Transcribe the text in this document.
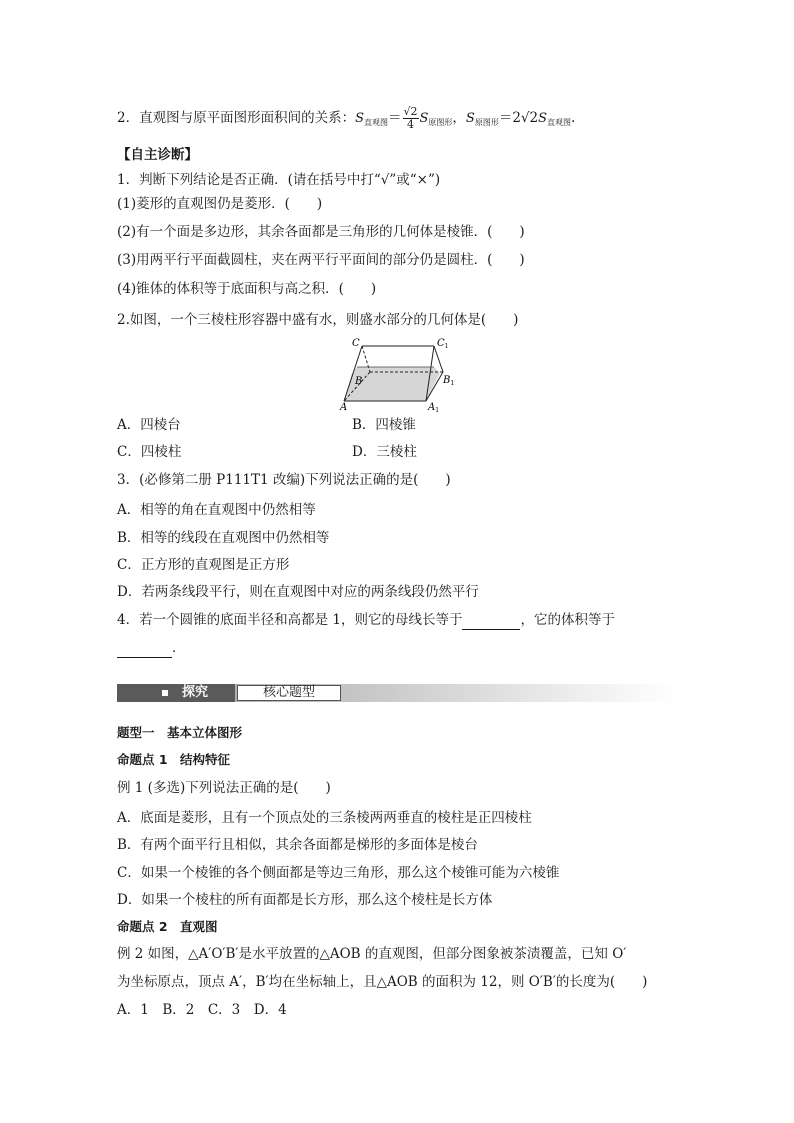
2．直观图与原平面图形面积间的关系：$S_{直观图}= \frac{√2}{4} S_{原图形}$，$S_{原图形}=2√2S_{直观图}$.
【自主诊断】
1．判断下列结论是否正确．(请在括号中打“√”或“×”)
(1)菱形的直观图仍是菱形．(　　)
(2)有一个面是多边形，其余各面都是三角形的几何体是棱锥．(　　)
(3)用两平行平面截圆柱，夹在两平行平面间的部分仍是圆柱．(　　)
(4)锥体的体积等于底面积与高之积．(　　)
2.如图，一个三棱柱形容器中盛有水，则盛水部分的几何体是(　　)
C	$C_1$
B	$B_1$
A	$A_1$
A．四棱台	B．四棱锥
C．四棱柱	D．三棱柱
3．(必修第二册 P111T1 改编)下列说法正确的是(　　)
A．相等的角在直观图中仍然相等
B．相等的线段在直观图中仍然相等
C．正方形的直观图是正方形
D．若两条线段平行，则在直观图中对应的两条线段仍然平行
4．若一个圆锥的底面半径和高都是 1，则它的母线长等于	，它的体积等于
．
探究	核心题型
题型一　基本立体图形
命题点 1　结构特征
例 1 (多选)下列说法正确的是(　　)
A．底面是菱形，且有一个顶点处的三条棱两两垂直的棱柱是正四棱柱
B．有两个面平行且相似，其余各面都是梯形的多面体是棱台
C．如果一个棱锥的各个侧面都是等边三角形，那么这个棱锥可能为六棱锥
D．如果一个棱柱的所有面都是长方形，那么这个棱柱是长方体
命题点 2　直观图
例 2 如图，△A′O′B′是水平放置的△AOB 的直观图，但部分图象被茶渍覆盖，已知 O′
为坐标原点，顶点 A′，B′均在坐标轴上，且△AOB 的面积为 12，则 O′B′的长度为(　　)
A．1　B．2　C．3　D．4
